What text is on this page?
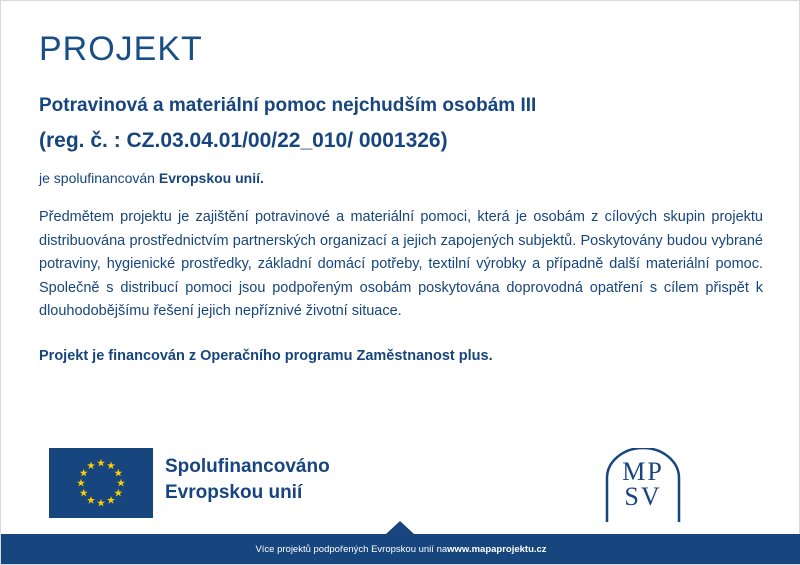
PROJEKT
Potravinová a materiální pomoc nejchudším osobám III
(reg. č. : CZ.03.04.01/00/22_010/ 0001326)

je spolufinancován Evropskou unií.

Předmětem projektu je zajištění potravinové a materiální pomoci, která je osobám z cílových skupin projektu distribuována prostřednictvím partnerských organizací a jejich zapojených subjektů. Poskytovány budou vybrané potraviny, hygienické prostředky, základní domácí potřeby, textilní výrobky a případně další materiální pomoc. Společně s distribucí pomoci jsou podpořeným osobám poskytována doprovodná opatření s cílem přispět k dlouhodobějšímu řešení jejich nepříznivé životní situace.

Projekt je financován z Operačního programu Zaměstnanost plus.

Spolufinancováno
Evropskou unií
MP
SV
Více projektů podpořených Evropskou unií na www.mapaprojektu.cz
